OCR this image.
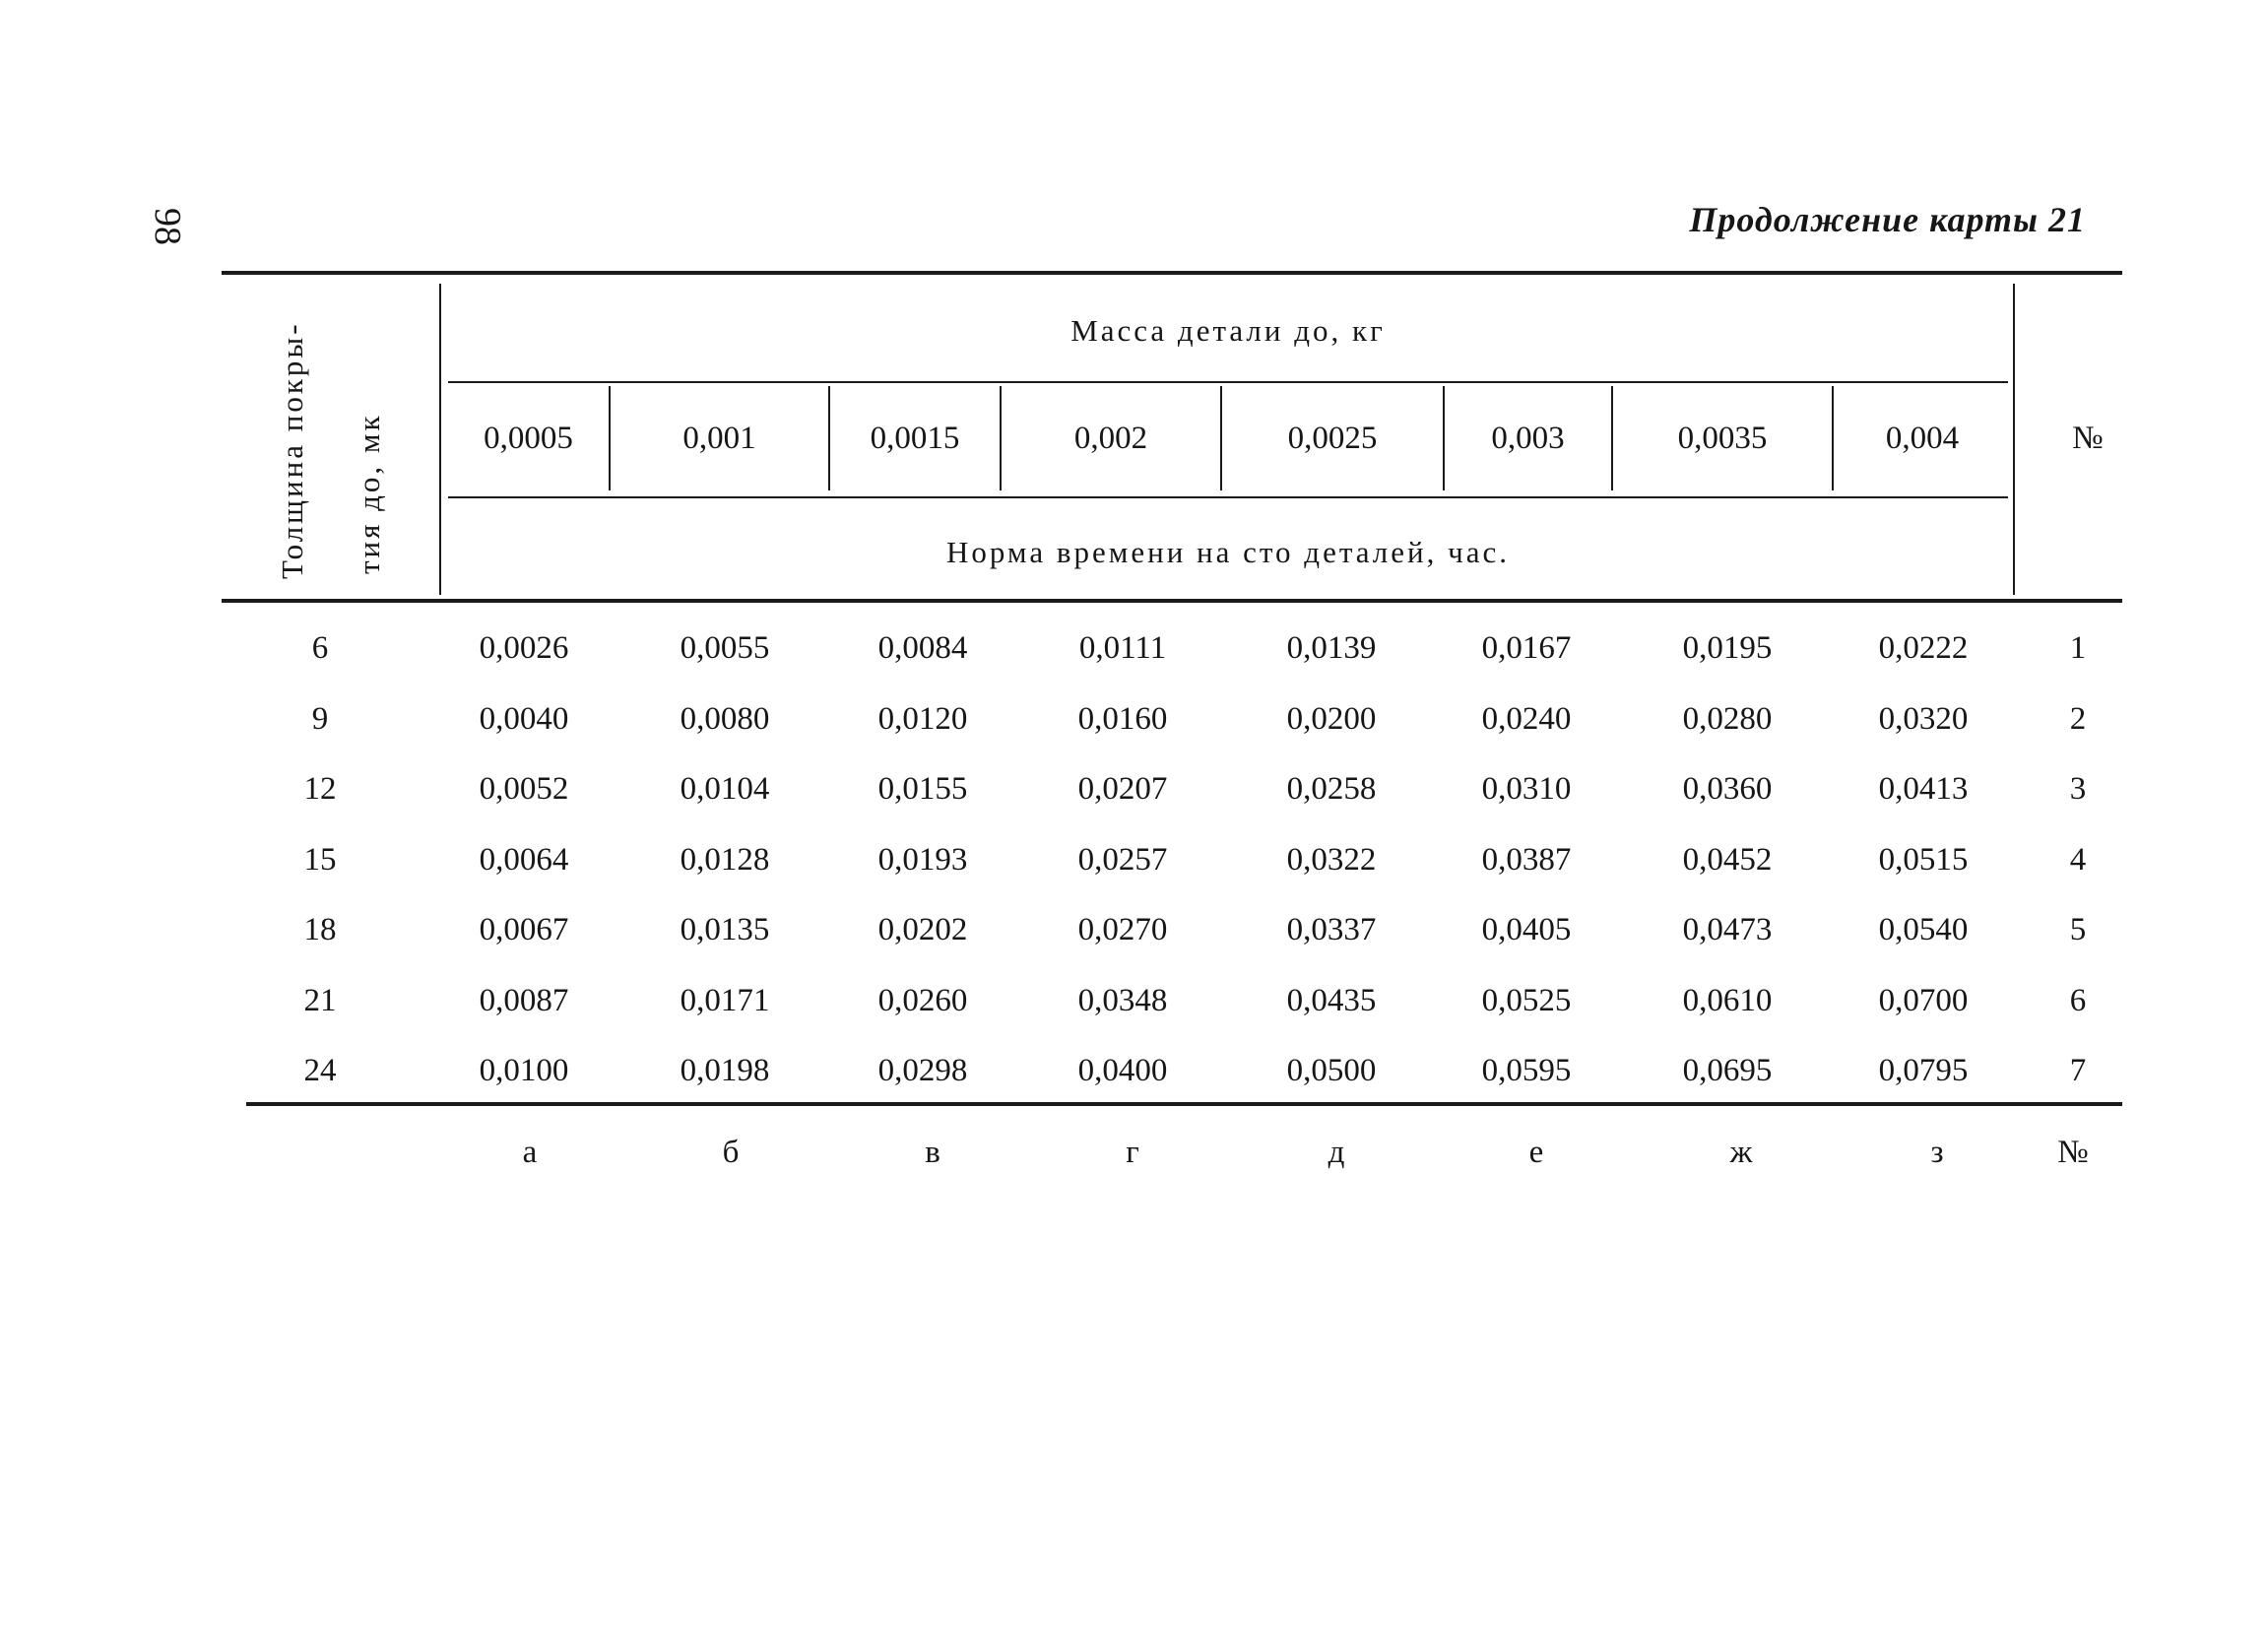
98	Продолжение карты 21
Толщина покры- тия до, мк
Масса детали до, кг
Норма времени на сто деталей, час.
№
0,0005	0,001	0,0015	0,002	0,0025	0,003	0,0035	0,004
6	0,0026	0,0055	0,0084	0,0111	0,0139	0,0167	0,0195	0,0222	1
9	0,0040	0,0080	0,0120	0,0160	0,0200	0,0240	0,0280	0,0320	2
12	0,0052	0,0104	0,0155	0,0207	0,0258	0,0310	0,0360	0,0413	3
15	0,0064	0,0128	0,0193	0,0257	0,0322	0,0387	0,0452	0,0515	4
18	0,0067	0,0135	0,0202	0,0270	0,0337	0,0405	0,0473	0,0540	5
21	0,0087	0,0171	0,0260	0,0348	0,0435	0,0525	0,0610	0,0700	6
24	0,0100	0,0198	0,0298	0,0400	0,0500	0,0595	0,0695	0,0795	7
а	б	в	г	д	е	ж	з	№
